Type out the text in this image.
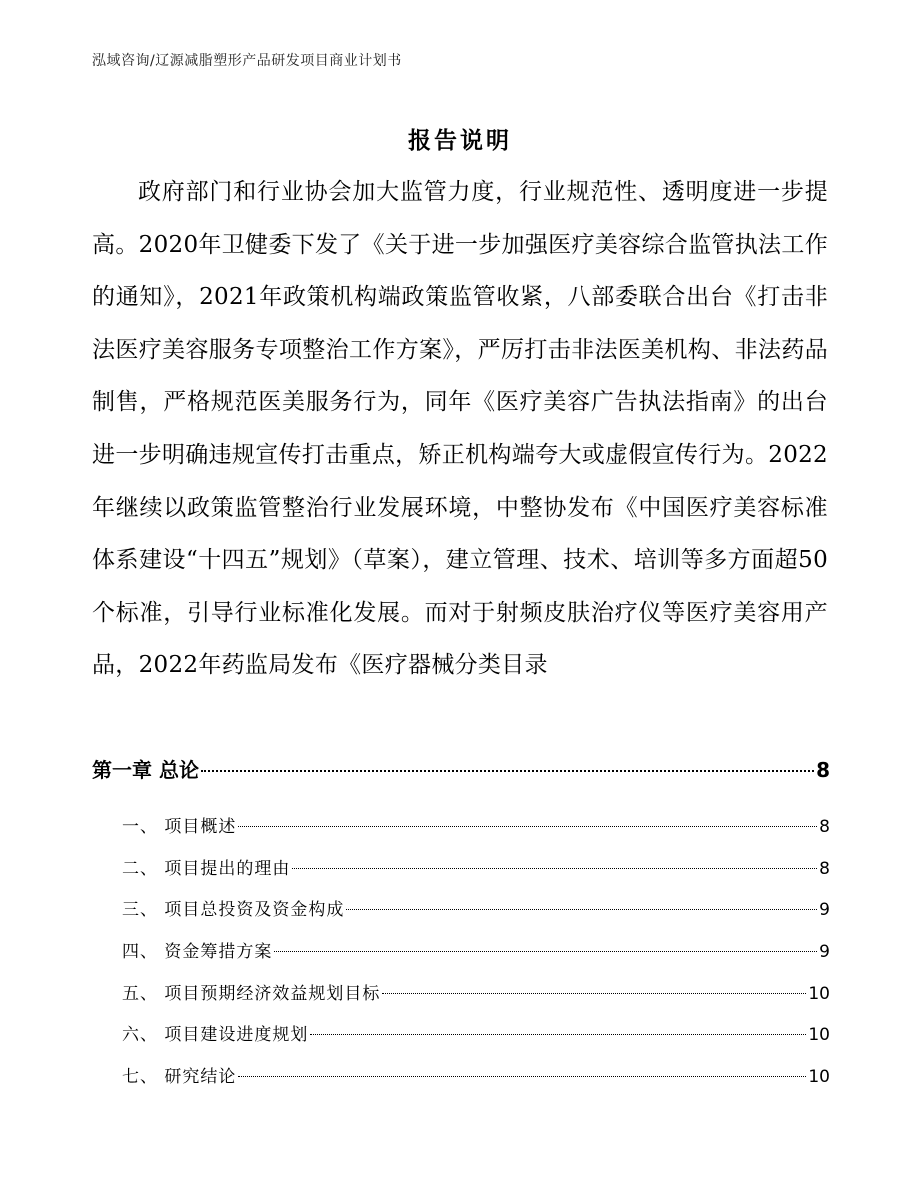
泓域咨询/辽源减脂塑形产品研发项目商业计划书
报告说明

政府部门和行业协会加大监管力度，行业规范性、透明度进一步提高。2020年卫健委下发了《关于进一步加强医疗美容综合监管执法工作的通知》，2021年政策机构端政策监管收紧，八部委联合出台《打击非法医疗美容服务专项整治工作方案》，严厉打击非法医美机构、非法药品制售，严格规范医美服务行为，同年《医疗美容广告执法指南》的出台进一步明确违规宣传打击重点，矫正机构端夸大或虚假宣传行为。2022年继续以政策监管整治行业发展环境，中整协发布《中国医疗美容标准体系建设“十四五”规划》（草案），建立管理、技术、培训等多方面超50个标准，引导行业标准化发展。而对于射频皮肤治疗仪等医疗美容用产品，2022年药监局发布《医疗器械分类目录

第一章 总论	8
一、 项目概述	8
二、 项目提出的理由	8
三、 项目总投资及资金构成	9
四、 资金筹措方案	9
五、 项目预期经济效益规划目标	10
六、 项目建设进度规划	10
七、 研究结论	10
